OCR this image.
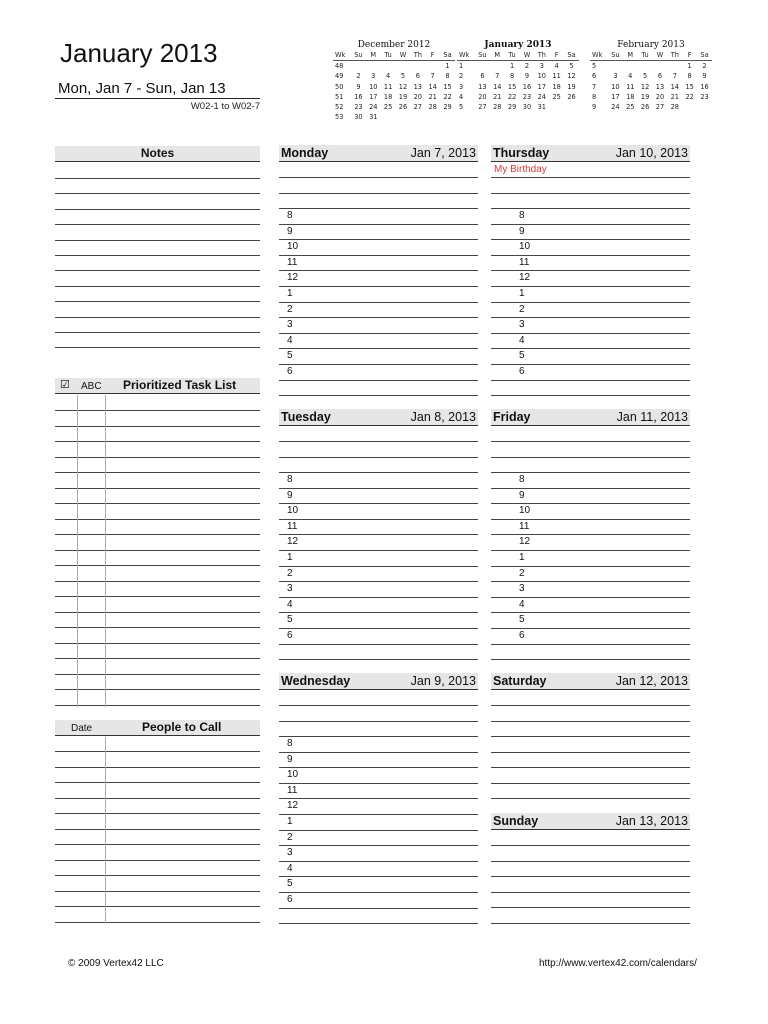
January 2013
Mon, Jan 7 - Sun, Jan 13
W02-1 to W02-7
December 2012
Wk	Su	M	Tu	W	Th	F	Sa
48							1
49	2	3	4	5	6	7	8
50	9	10	11	12	13	14	15
51	16	17	18	19	20	21	22
52	23	24	25	26	27	28	29
53	30	31					
January 2013
Wk	Su	M	Tu	W	Th	F	Sa
1			1	2	3	4	5
2	6	7	8	9	10	11	12
3	13	14	15	16	17	18	19
4	20	21	22	23	24	25	26
5	27	28	29	30	31		
February 2013
Wk	Su	M	Tu	W	Th	F	Sa
5						1	2
6	3	4	5	6	7	8	9
7	10	11	12	13	14	15	16
8	17	18	19	20	21	22	23
9	24	25	26	27	28		
Notes
☑ ABC Prioritized Task List
Date	People to Call
Monday	Jan 7, 2013
8
9
10
11
12
1
2
3
4
5
6
Tuesday	Jan 8, 2013
8
9
10
11
12
1
2
3
4
5
6
Wednesday	Jan 9, 2013
8
9
10
11
12
1
2
3
4
5
6
Thursday	Jan 10, 2013
My Birthday
8
9
10
11
12
1
2
3
4
5
6
Friday	Jan 11, 2013
8
9
10
11
12
1
2
3
4
5
6
Saturday	Jan 12, 2013
Sunday	Jan 13, 2013
© 2009 Vertex42 LLC	http://www.vertex42.com/calendars/
